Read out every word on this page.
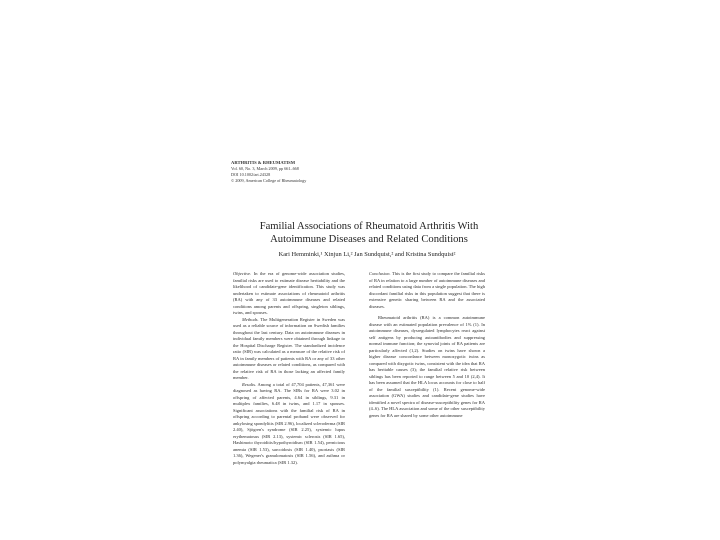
ARTHRITIS & RHEUMATISM
Vol. 60, No. 3, March 2009, pp 661–668
DOI 10.1002/art.24328
© 2009, American College of Rheumatology
Familial Associations of Rheumatoid Arthritis With Autoimmune Diseases and Related Conditions
Kari Hemminki,¹ Xinjun Li,² Jan Sundquist,² and Kristina Sundquist²

Objective. In the era of genome-wide association studies, familial risks are used to estimate disease heritability and the likelihood of candidate-gene identification. This study was undertaken to estimate associations of rheumatoid arthritis (RA) with any of 33 autoimmune diseases and related conditions among parents and offspring, singleton siblings, twins, and spouses.

Methods. The Multigeneration Register in Sweden was used as a reliable source of information on Swedish families throughout the last century. Data on autoimmune diseases in individual family members were obtained through linkage to the Hospital Discharge Register. The standardized incidence ratio (SIR) was calculated as a measure of the relative risk of RA in family members of patients with RA or any of 33 other autoimmune diseases or related conditions, as compared with the relative risk of RA in those lacking an affected family member.

Results. Among a total of 47,704 patients, 47,361 were diagnosed as having RA. The SIRs for RA were 3.02 in offspring of affected parents, 4.64 in siblings, 9.31 in multiplex families, 6.48 in twins, and 1.17 in spouses. Significant associations with the familial risk of RA in offspring according to parental proband were observed for ankylosing spondylitis (SIR 2.96), localized scleroderma (SIR 2.40), Sjögren's syndrome (SIR 2.25), systemic lupus erythematosus (SIR 2.13), systemic sclerosis (SIR 1.65), Hashimoto thyroiditis/hypothyroidism (SIR 1.54), pernicious anemia (SIR 1.53), sarcoidosis (SIR 1.40), psoriasis (SIR 1.36), Wegener's granulomatosis (SIR 1.56), and asthma or polymyalgia rheumatica (SIR 1.32).

Conclusion. This is the first study to compare the familial risks of RA in relation to a large number of autoimmune diseases and related conditions using data from a single population. The high discordant familial risks in this population suggest that there is extensive genetic sharing between RA and the associated diseases.

Rheumatoid arthritis (RA) is a common autoimmune disease with an estimated population prevalence of 1% (1). In autoimmune diseases, dysregulated lymphocytes react against self antigens by producing autoantibodies and suppressing normal immune function; the synovial joints of RA patients are particularly affected (1,2). Studies on twins have shown a higher disease concordance between monozygotic twins as compared with dizygotic twins, consistent with the idea that RA has heritable causes (3); the familial relative risk between siblings has been reported to range between 5 and 10 (2,4). It has been assumed that the HLA locus accounts for close to half of the familial susceptibility (1). Recent genome-wide association (GWA) studies and candidate-gene studies have identified a novel spectra of disease-susceptibility genes for RA (4–6). The HLA association and some of the other susceptibility genes for RA are shared by some other autoimmune
